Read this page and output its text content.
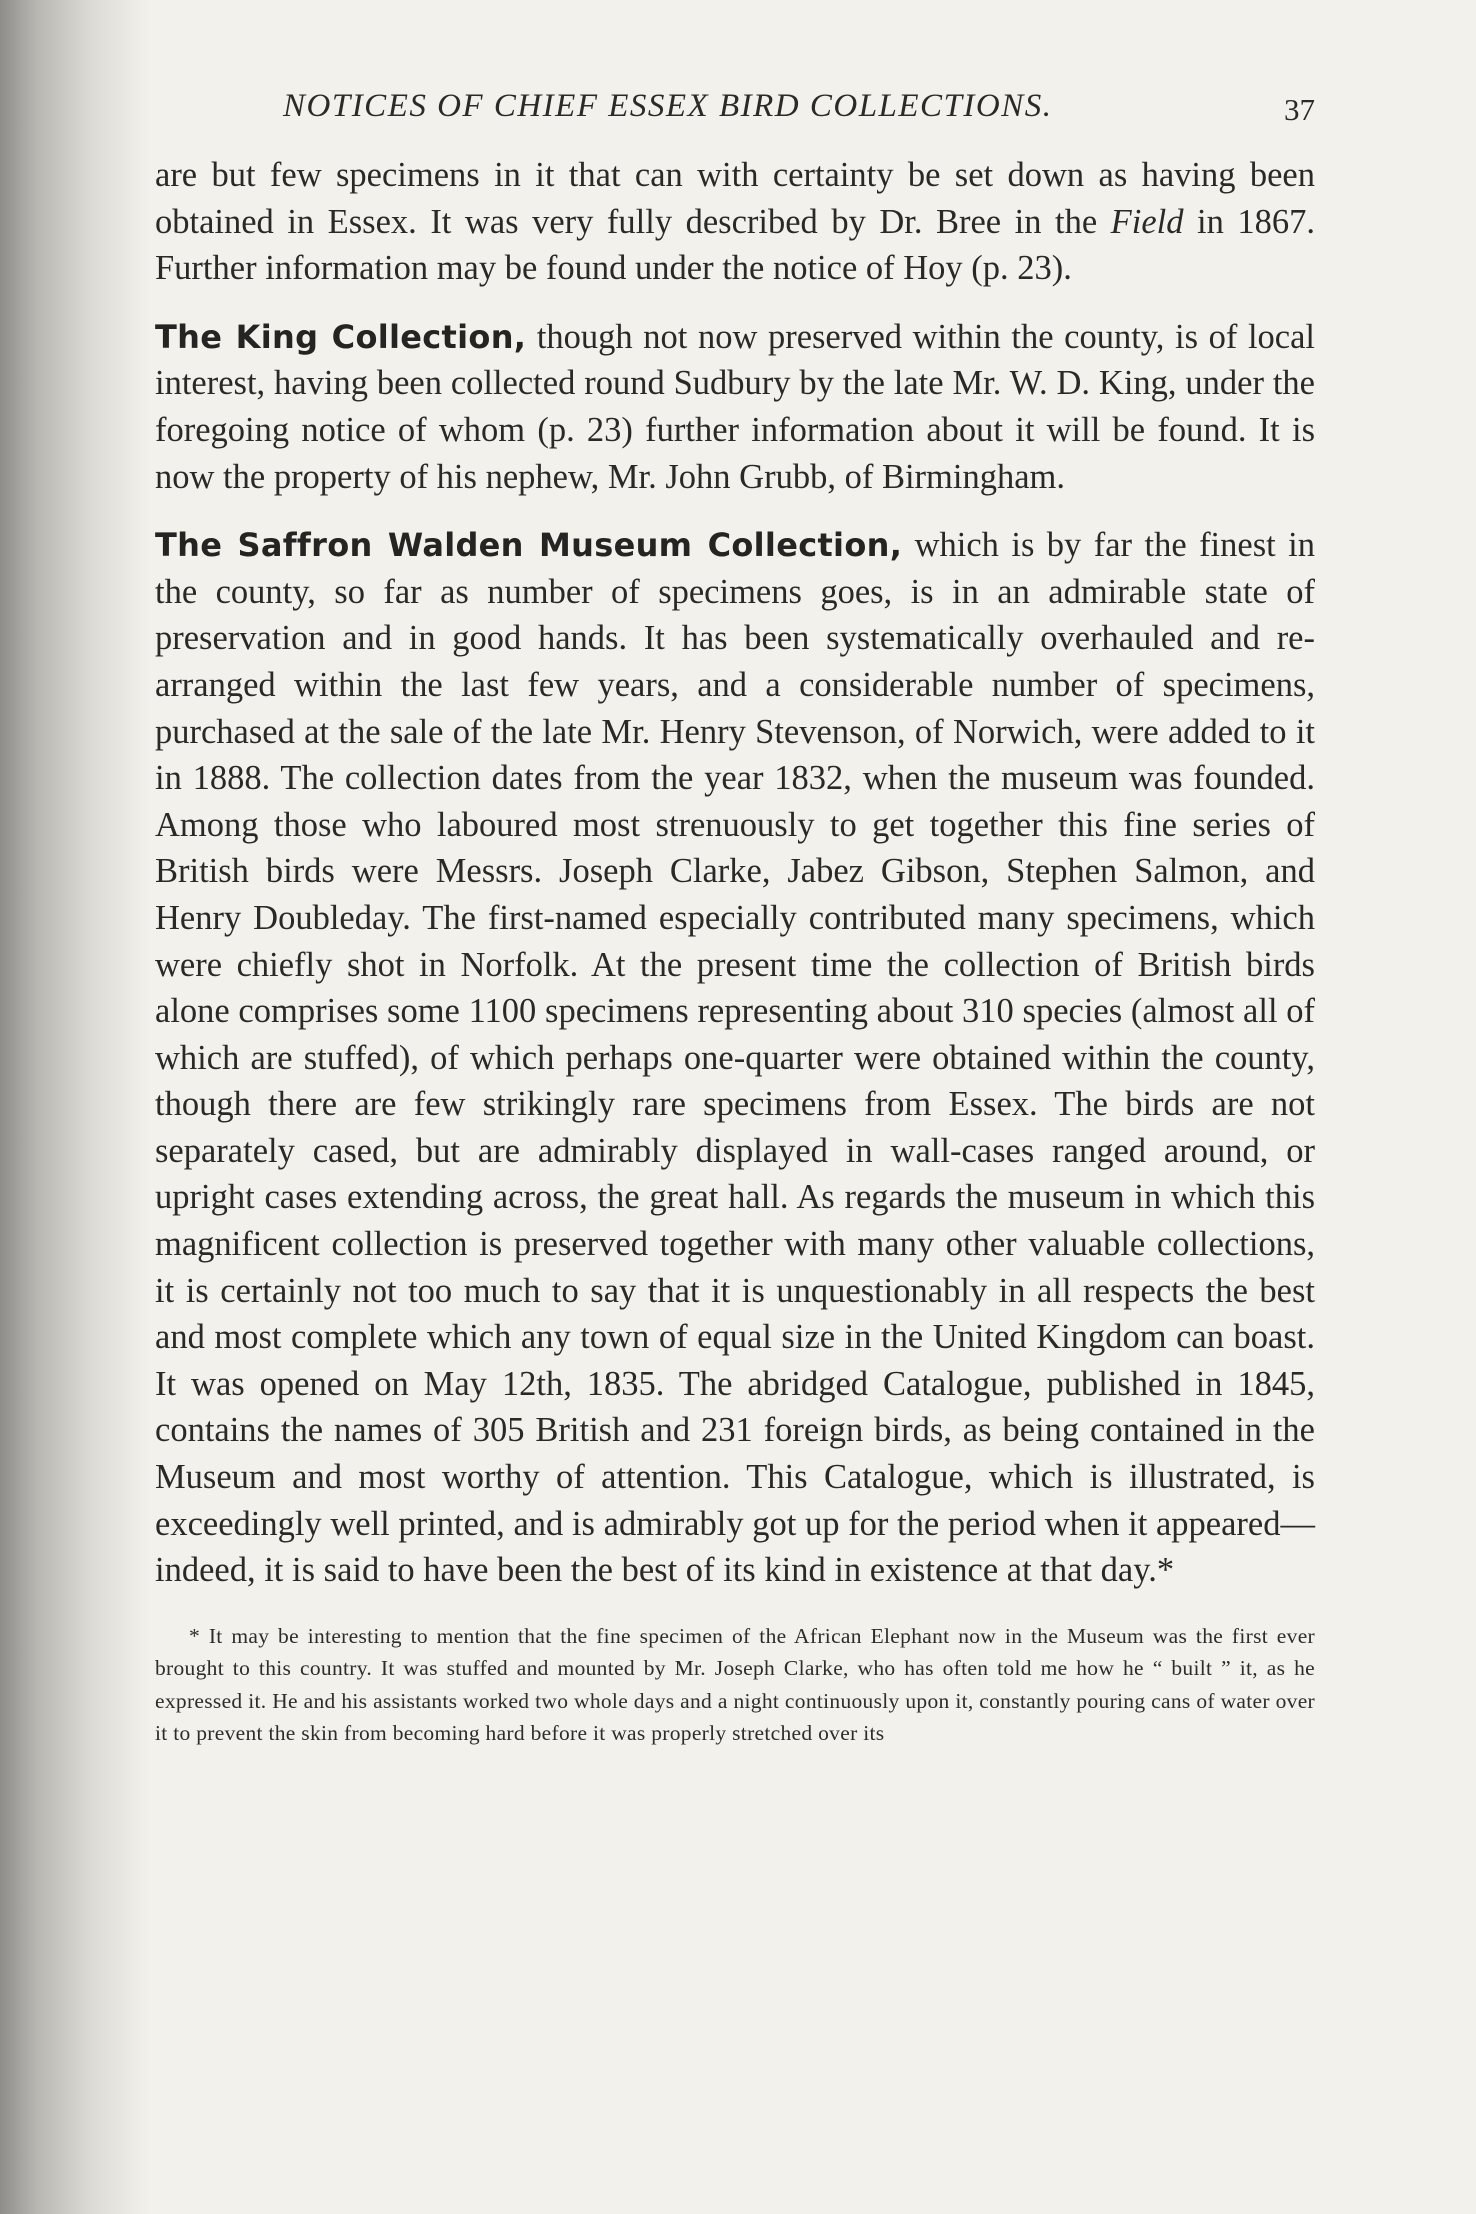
NOTICES OF CHIEF ESSEX BIRD COLLECTIONS.	37

are but few specimens in it that can with certainty be set down as having been obtained in Essex. It was very fully described by Dr. Bree in the Field in 1867. Further information may be found under the notice of Hoy (p. 23).

The King Collection, though not now preserved within the county, is of local interest, having been collected round Sudbury by the late Mr. W. D. King, under the foregoing notice of whom (p. 23) further information about it will be found. It is now the property of his nephew, Mr. John Grubb, of Birmingham.

The Saffron Walden Museum Collection, which is by far the finest in the county, so far as number of specimens goes, is in an admirable state of preservation and in good hands. It has been systematically overhauled and re-arranged within the last few years, and a considerable number of specimens, purchased at the sale of the late Mr. Henry Stevenson, of Norwich, were added to it in 1888. The collection dates from the year 1832, when the museum was founded. Among those who laboured most strenuously to get together this fine series of British birds were Messrs. Joseph Clarke, Jabez Gibson, Stephen Salmon, and Henry Doubleday. The first-named especially contributed many specimens, which were chiefly shot in Norfolk. At the present time the collection of British birds alone comprises some 1100 specimens representing about 310 species (almost all of which are stuffed), of which perhaps one-quarter were obtained within the county, though there are few strikingly rare specimens from Essex. The birds are not separately cased, but are admirably displayed in wall-cases ranged around, or upright cases extending across, the great hall. As regards the museum in which this magnificent collection is preserved together with many other valuable collections, it is certainly not too much to say that it is unquestionably in all respects the best and most complete which any town of equal size in the United Kingdom can boast. It was opened on May 12th, 1835. The abridged Catalogue, published in 1845, contains the names of 305 British and 231 foreign birds, as being contained in the Museum and most worthy of attention. This Catalogue, which is illustrated, is exceedingly well printed, and is admirably got up for the period when it appeared—indeed, it is said to have been the best of its kind in existence at that day.*

* It may be interesting to mention that the fine specimen of the African Elephant now in the Museum was the first ever brought to this country. It was stuffed and mounted by Mr. Joseph Clarke, who has often told me how he “ built ” it, as he expressed it. He and his assistants worked two whole days and a night continuously upon it, constantly pouring cans of water over it to prevent the skin from becoming hard before it was properly stretched over its
